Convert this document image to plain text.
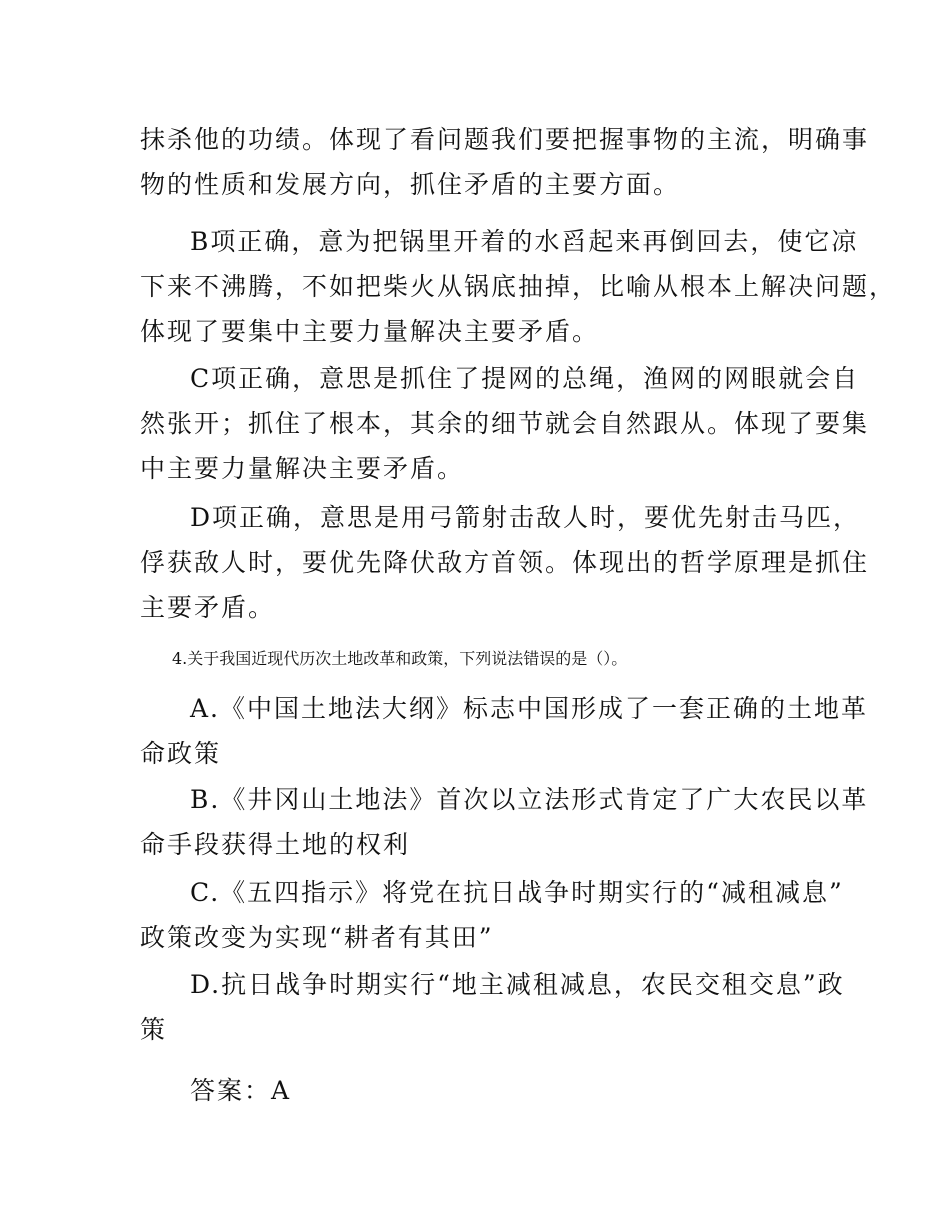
抹杀他的功绩。体现了看问题我们要把握事物的主流，明确事
物的性质和发展方向，抓住矛盾的主要方面。

B项正确，意为把锅里开着的水舀起来再倒回去，使它凉
下来不沸腾，不如把柴火从锅底抽掉，比喻从根本上解决问题，
体现了要集中主要力量解决主要矛盾。

C项正确，意思是抓住了提网的总绳，渔网的网眼就会自
然张开；抓住了根本，其余的细节就会自然跟从。体现了要集
中主要力量解决主要矛盾。

D项正确，意思是用弓箭射击敌人时，要优先射击马匹，
俘获敌人时，要优先降伏敌方首领。体现出的哲学原理是抓住
主要矛盾。

4.关于我国近现代历次土地改革和政策，下列说法错误的是（）。

A.《中国土地法大纲》标志中国形成了一套正确的土地革
命政策

B.《井冈山土地法》首次以立法形式肯定了广大农民以革
命手段获得土地的权利

C.《五四指示》将党在抗日战争时期实行的“减租减息”
政策改变为实现“耕者有其田”

D.抗日战争时期实行“地主减租减息，农民交租交息”政
策

答案：A
